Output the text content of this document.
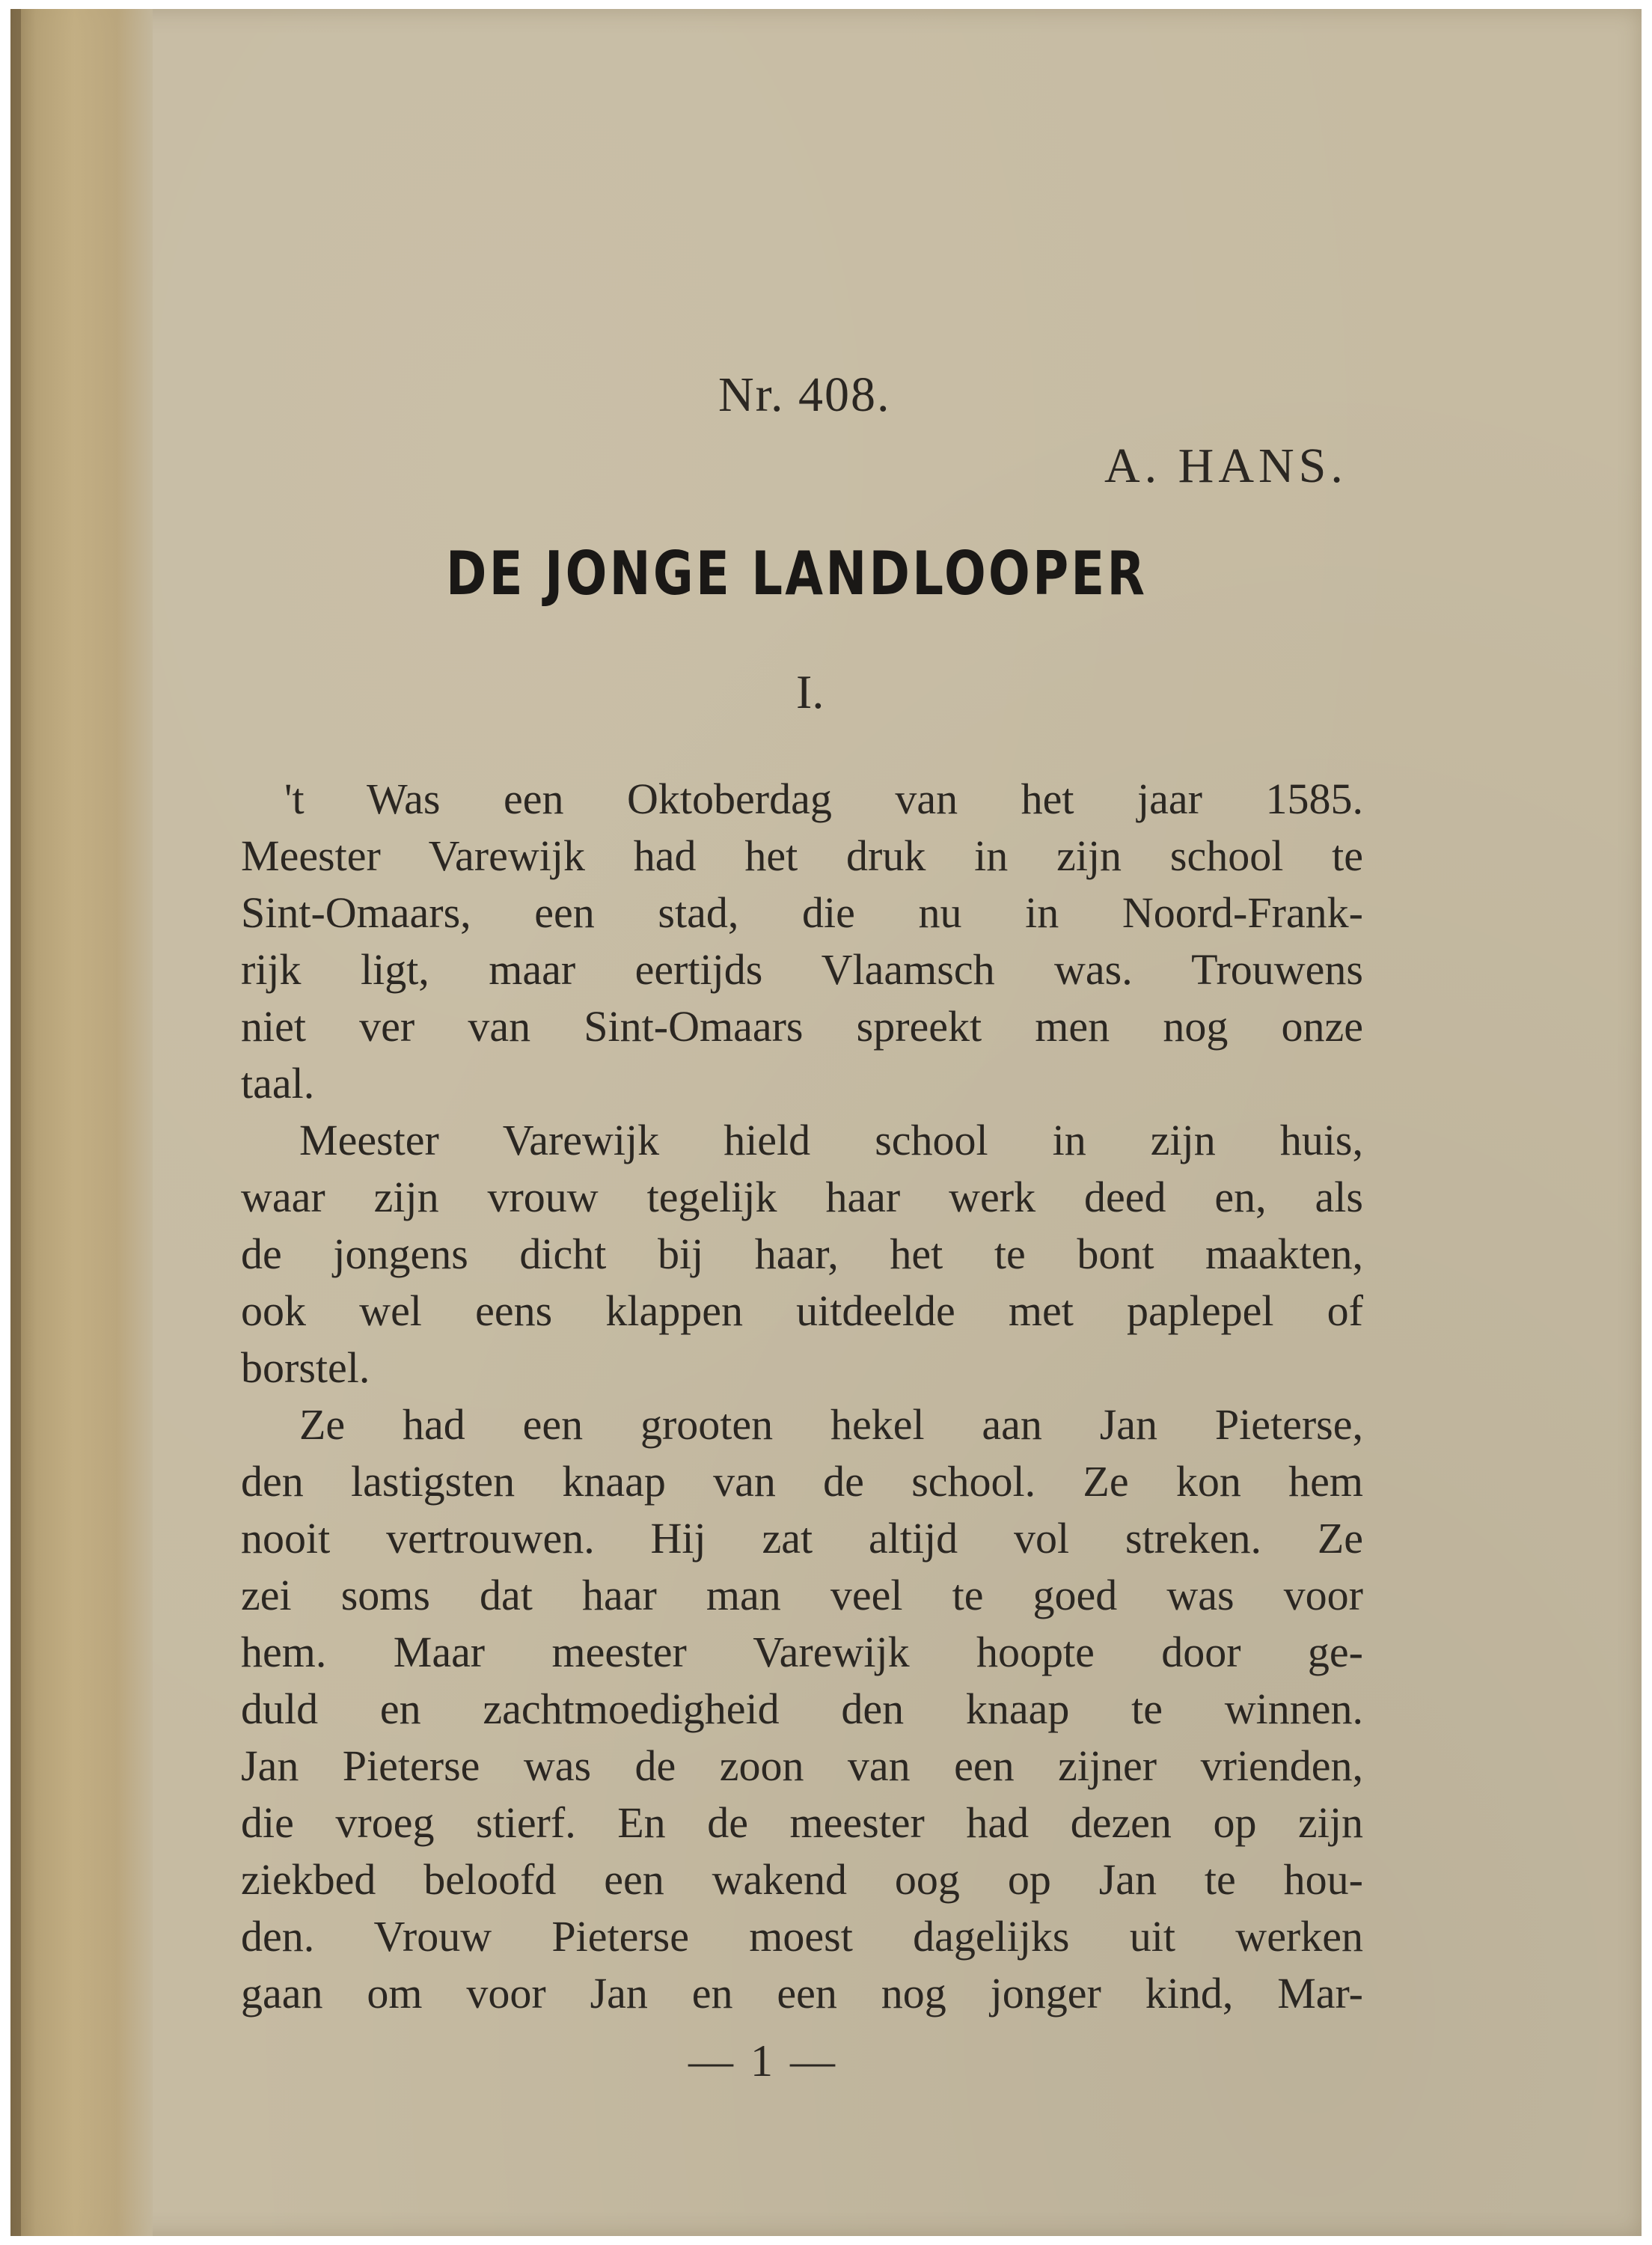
Nr. 408.
A. HANS.
DE JONGE LANDLOOPER
I.
't Was een Oktoberdag van het jaar 1585.
Meester Varewijk had het druk in zijn school te
Sint-Omaars, een stad, die nu in Noord-Frank-
rijk ligt, maar eertijds Vlaamsch was. Trouwens
niet ver van Sint-Omaars spreekt men nog onze
taal.
Meester Varewijk hield school in zijn huis,
waar zijn vrouw tegelijk haar werk deed en, als
de jongens dicht bij haar, het te bont maakten,
ook wel eens klappen uitdeelde met paplepel of
borstel.
Ze had een grooten hekel aan Jan Pieterse,
den lastigsten knaap van de school. Ze kon hem
nooit vertrouwen. Hij zat altijd vol streken. Ze
zei soms dat haar man veel te goed was voor
hem. Maar meester Varewijk hoopte door ge-
duld en zachtmoedigheid den knaap te winnen.
Jan Pieterse was de zoon van een zijner vrienden,
die vroeg stierf. En de meester had dezen op zijn
ziekbed beloofd een wakend oog op Jan te hou-
den. Vrouw Pieterse moest dagelijks uit werken
gaan om voor Jan en een nog jonger kind, Mar-
— 1 —
